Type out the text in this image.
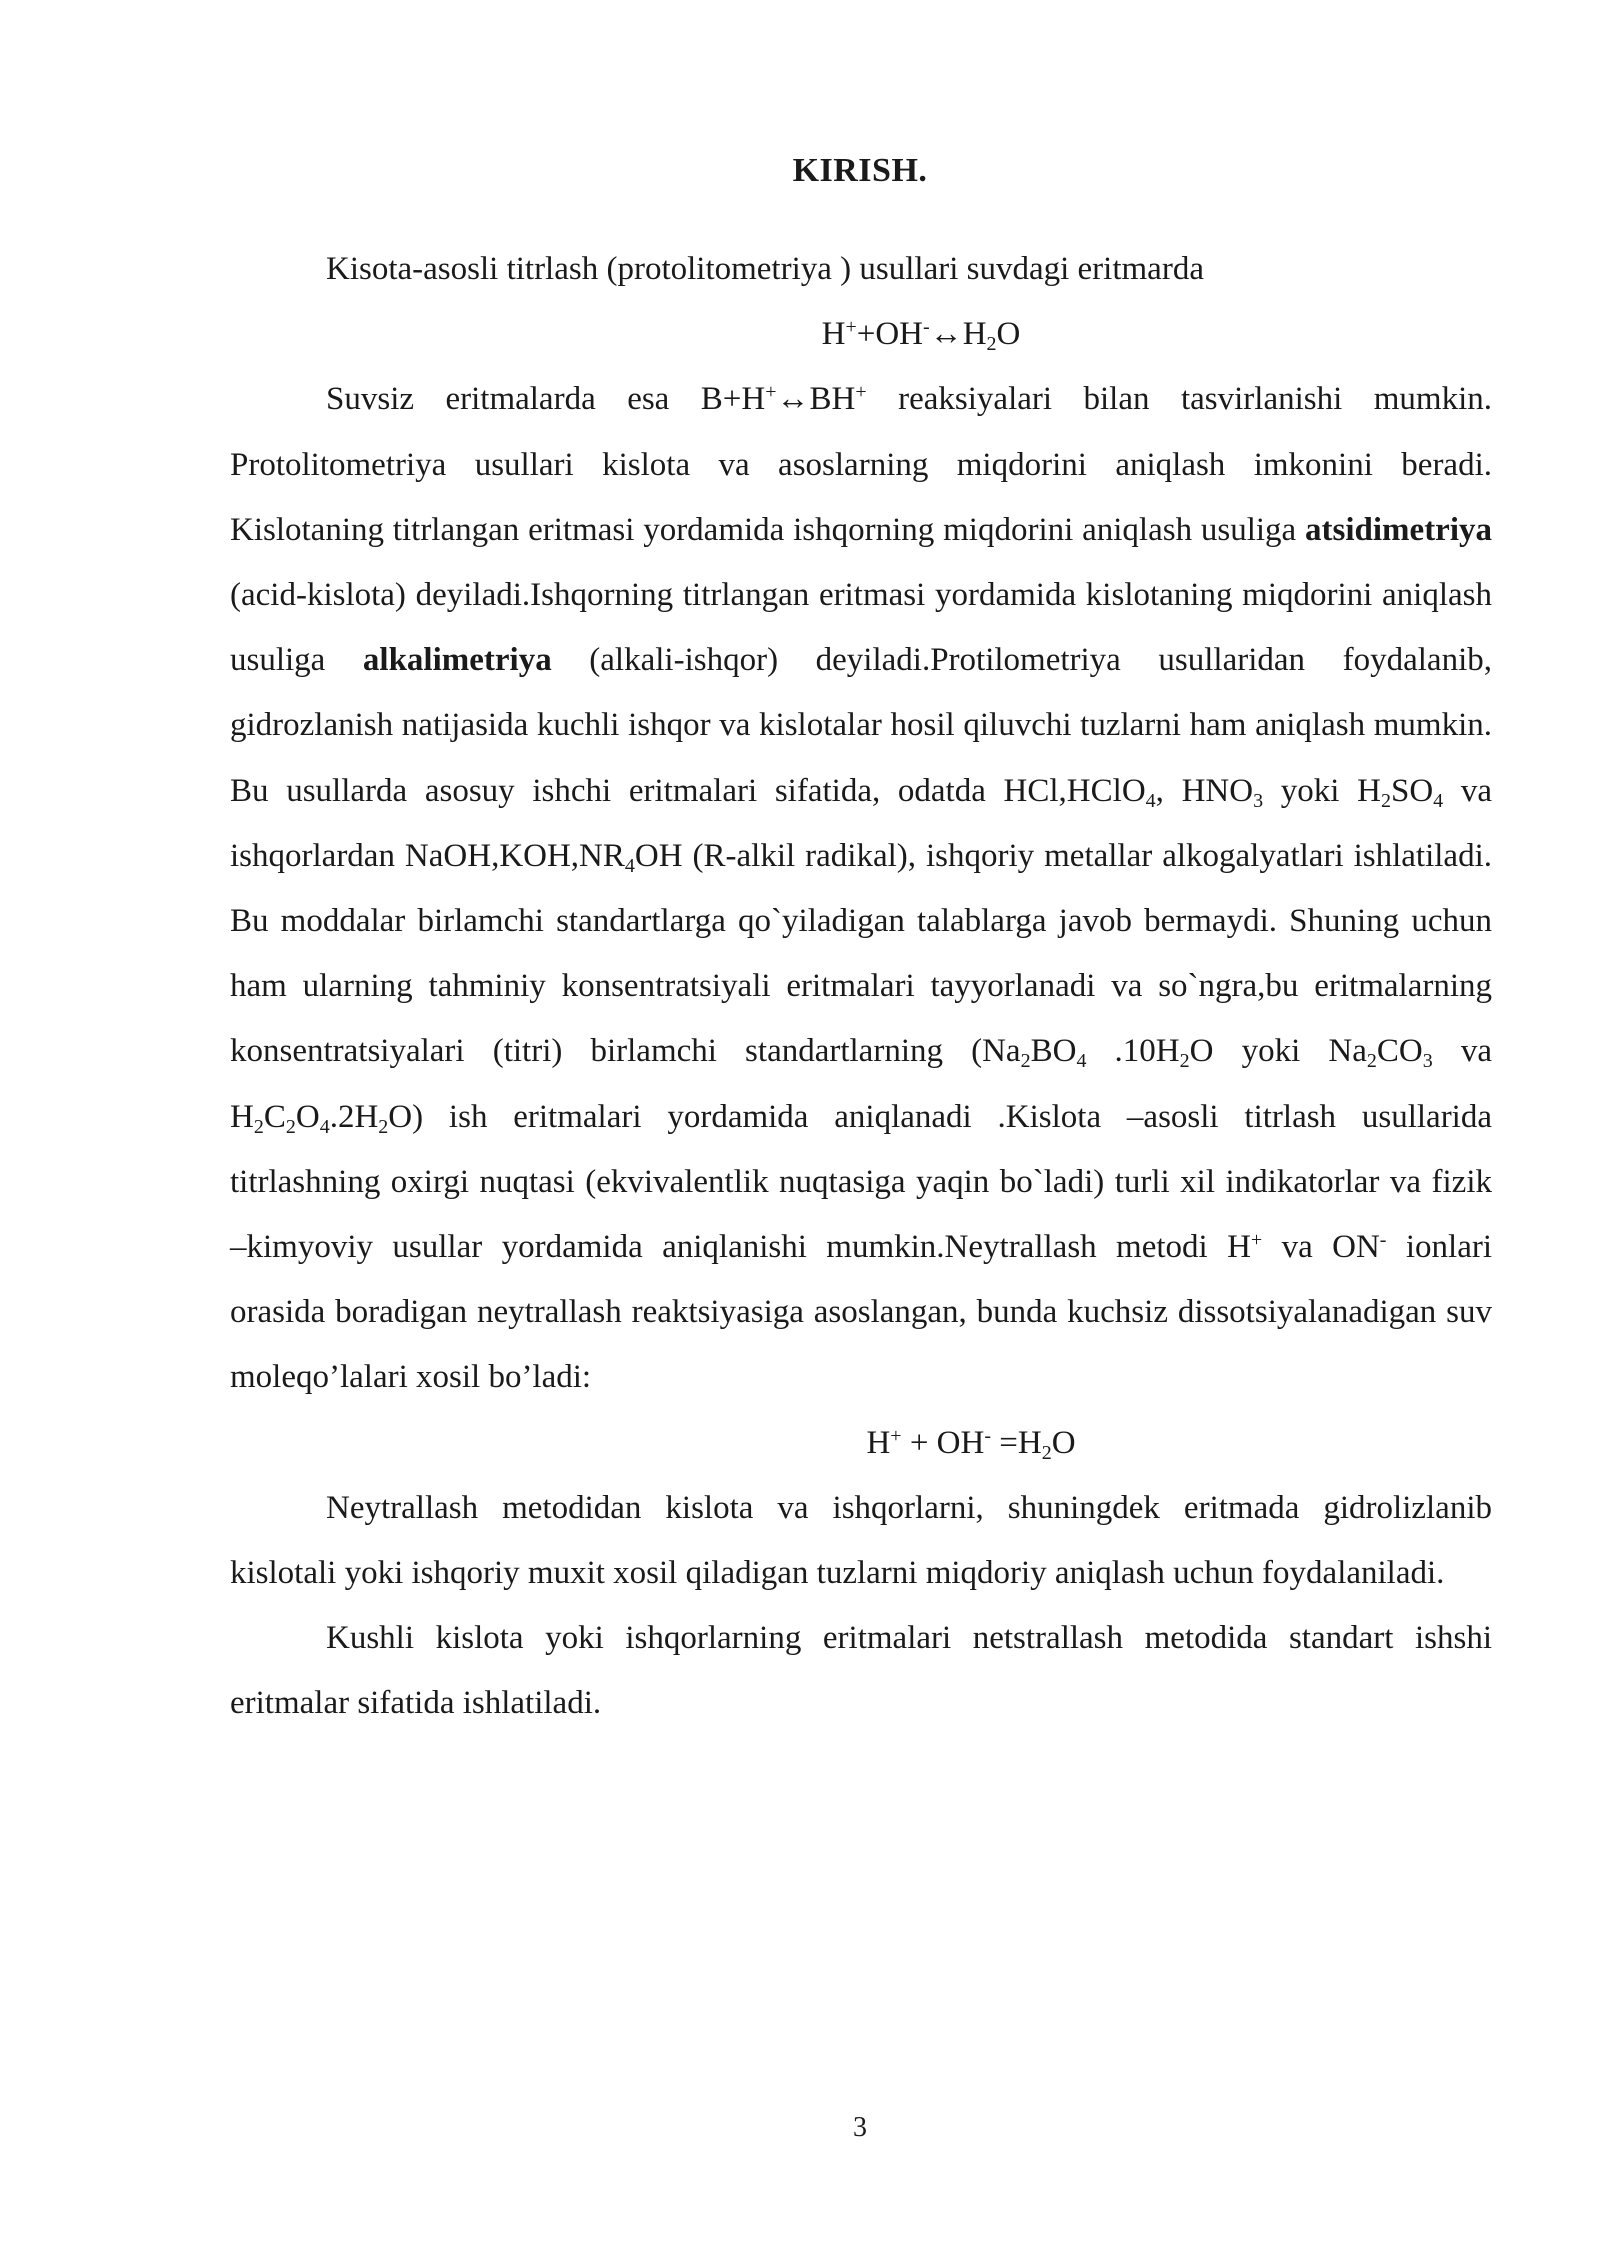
KIRISH.

Kisota-asosli titrlash (protolitometriya ) usullari suvdagi eritmarda

$H^++OH^-\leftrightarrow H_2O$

Suvsiz eritmalarda esa B+H+↔BH+ reaksiyalari bilan tasvirlanishi mumkin. Protolitometriya usullari kislota va asoslarning miqdorini aniqlash imkonini beradi. Kislotaning titrlangan eritmasi yordamida ishqorning miqdorini aniqlash usuliga atsidimetriya (acid-kislota) deyiladi.Ishqorning titrlangan eritmasi yordamida kislotaning miqdorini aniqlash usuliga alkalimetriya (alkali-ishqor) deyiladi.Protilometriya usullaridan foydalanib, gidrozlanish natijasida kuchli ishqor va kislotalar hosil qiluvchi tuzlarni ham aniqlash mumkin. Bu usullarda asosuy ishchi eritmalari sifatida, odatda HCl,HClO$_4$, $HNO_3$ yoki $H_2SO_4$ va ishqorlardan $NaOH,KOH,NR_4OH$ (R-alkil radikal), ishqoriy metallar alkogalyatlari ishlatiladi. Bu moddalar birlamchi standartlarga qo`yiladigan talablarga javob bermaydi. Shuning uchun ham ularning tahminiy konsentratsiyali eritmalari tayyorlanadi va so`ngra,bu eritmalarning konsentratsiyalari (titri) birlamchi standartlarning ($Na_2BO_4$ $.10H_2O$ yoki $Na_2CO_3$ va $H_2C_2O_4.2H_2O$) ish eritmalari yordamida aniqlanadi .Kislota –asosli titrlash usullarida titrlashning oxirgi nuqtasi (ekvivalentlik nuqtasiga yaqin bo`ladi) turli xil indikatorlar va fizik –kimyoviy usullar yordamida aniqlanishi mumkin.Neytrallash metodi H+ va ON- ionlari orasida boradigan neytrallash reaktsiyasiga asoslangan, bunda kuchsiz dissotsiyalanadigan suv moleqo’lalari xosil bo’ladi:

$H^+ + OH^- =H_2O$

Neytrallash metodidan kislota va ishqorlarni, shuningdek eritmada gidrolizlanib kislotali yoki ishqoriy muxit xosil qiladigan tuzlarni miqdoriy aniqlash uchun foydalaniladi.

Kushli kislota yoki ishqorlarning eritmalari netstrallash metodida standart ishshi eritmalar sifatida ishlatiladi.

3
